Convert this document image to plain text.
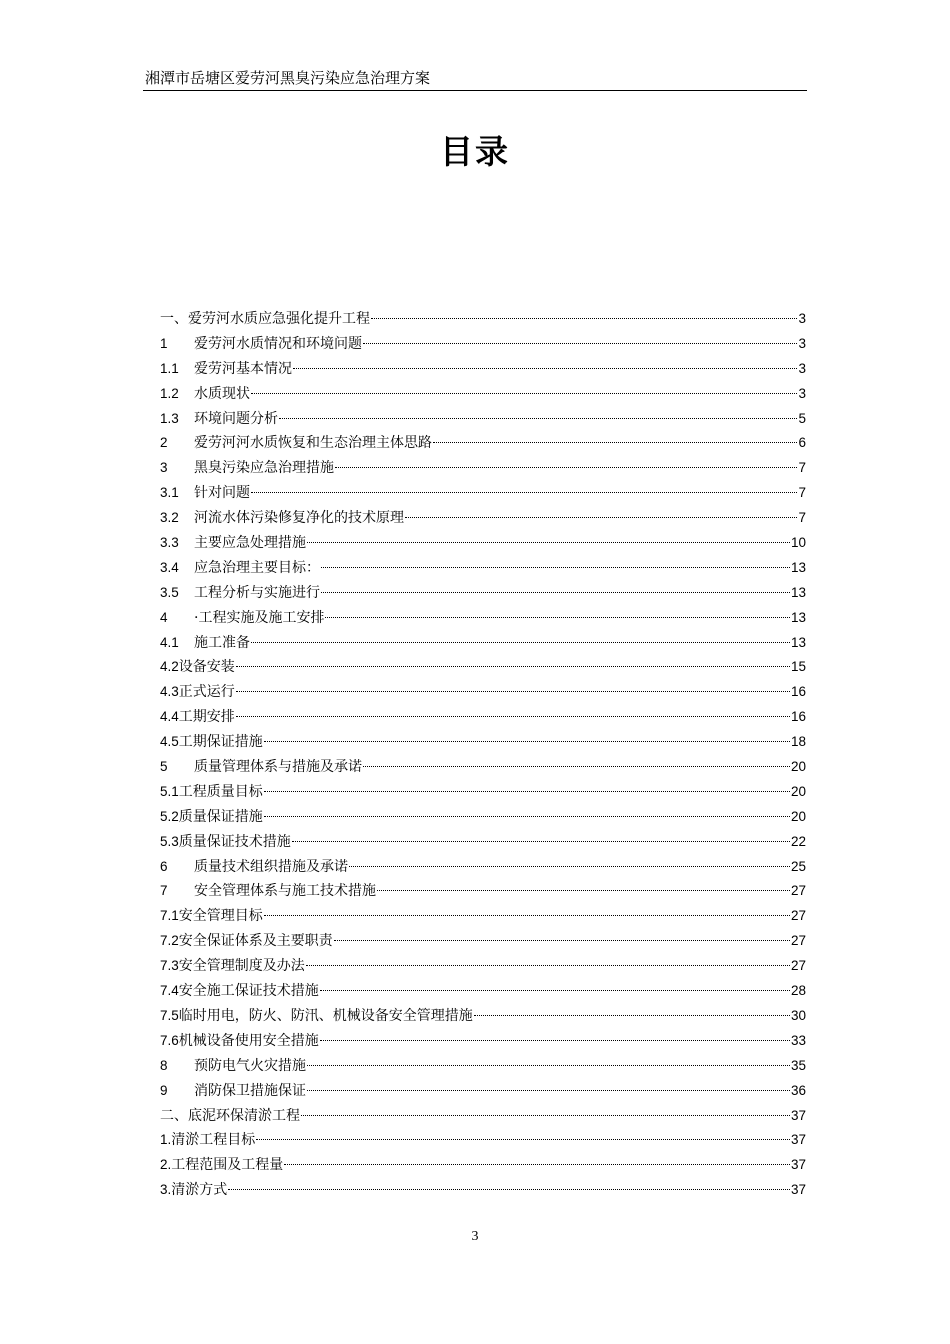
湘潭市岳塘区爱劳河黑臭污染应急治理方案
目录
一、爱劳河水质应急强化提升工程	3
1	爱劳河水质情况和环境问题	3
1.1	爱劳河基本情况	3
1.2	水质现状	3
1.3	环境问题分析	5
2	爱劳河河水质恢复和生态治理主体思路	6
3	黑臭污染应急治理措施	7
3.1	针对问题	7
3.2	河流水体污染修复净化的技术原理	7
3.3	主要应急处理措施	10
3.4	应急治理主要目标：	13
3.5	工程分析与实施进行	13
4	·工程实施及施工安排	13
4.1	施工准备	13
4.2 设备安装	15
4.3 正式运行	16
4.4 工期安排	16
4.5 工期保证措施	18
5	质量管理体系与措施及承诺	20
5.1 工程质量目标	20
5.2 质量保证措施	20
5.3 质量保证技术措施	22
6	质量技术组织措施及承诺	25
7	安全管理体系与施工技术措施	27
7.1 安全管理目标	27
7.2 安全保证体系及主要职责	27
7.3 安全管理制度及办法	27
7.4 安全施工保证技术措施	28
7.5 临时用电，防火、防汛、机械设备安全管理措施	30
7.6 机械设备使用安全措施	33
8	预防电气火灾措施	35
9	消防保卫措施保证	36
二、底泥环保清淤工程	37
1. 清淤工程目标	37
2. 工程范围及工程量	37
3. 清淤方式	37
3
